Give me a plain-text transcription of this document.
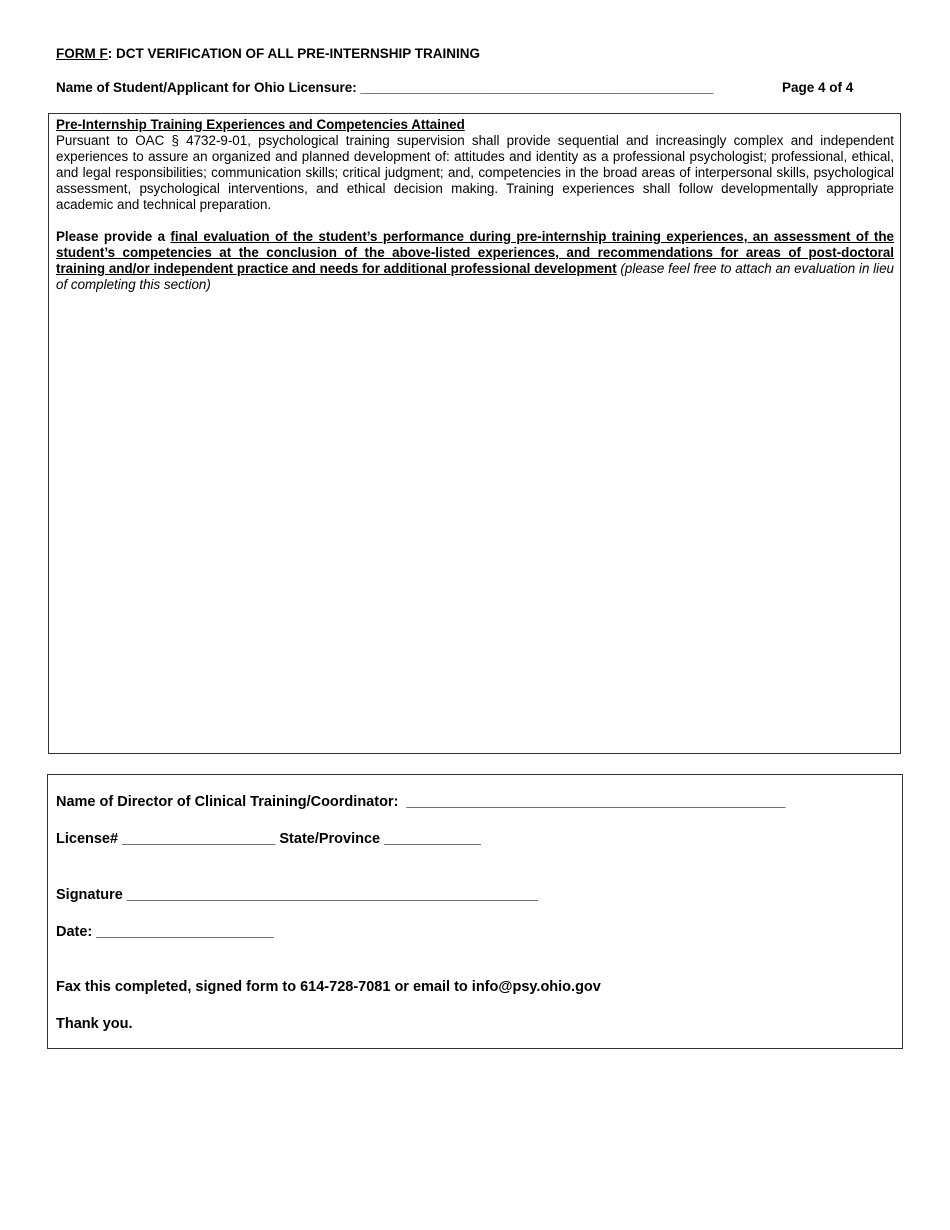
FORM F: DCT VERIFICATION OF ALL PRE-INTERNSHIP TRAINING
Name of Student/Applicant for Ohio Licensure: _______________________________________________	Page 4 of 4

Pre-Internship Training Experiences and Competencies Attained

Pursuant to OAC § 4732-9-01, psychological training supervision shall provide sequential and increasingly complex and independent experiences to assure an organized and planned development of: attitudes and identity as a professional psychologist; professional, ethical, and legal responsibilities; communication skills; critical judgment; and, competencies in the broad areas of interpersonal skills, psychological assessment, psychological interventions, and ethical decision making. Training experiences shall follow developmentally appropriate academic and technical preparation.

Please provide a final evaluation of the student’s performance during pre-internship training experiences, an assessment of the student’s competencies at the conclusion of the above-listed experiences, and recommendations for areas of post-doctoral training and/or independent practice and needs for additional professional development (please feel free to attach an evaluation in lieu of completing this section)

Name of Director of Clinical Training/Coordinator: _______________________________________________
License# ___________________ State/Province ____________
Signature ___________________________________________________
Date: ______________________
Fax this completed, signed form to 614-728-7081 or email to info@psy.ohio.gov
Thank you.
